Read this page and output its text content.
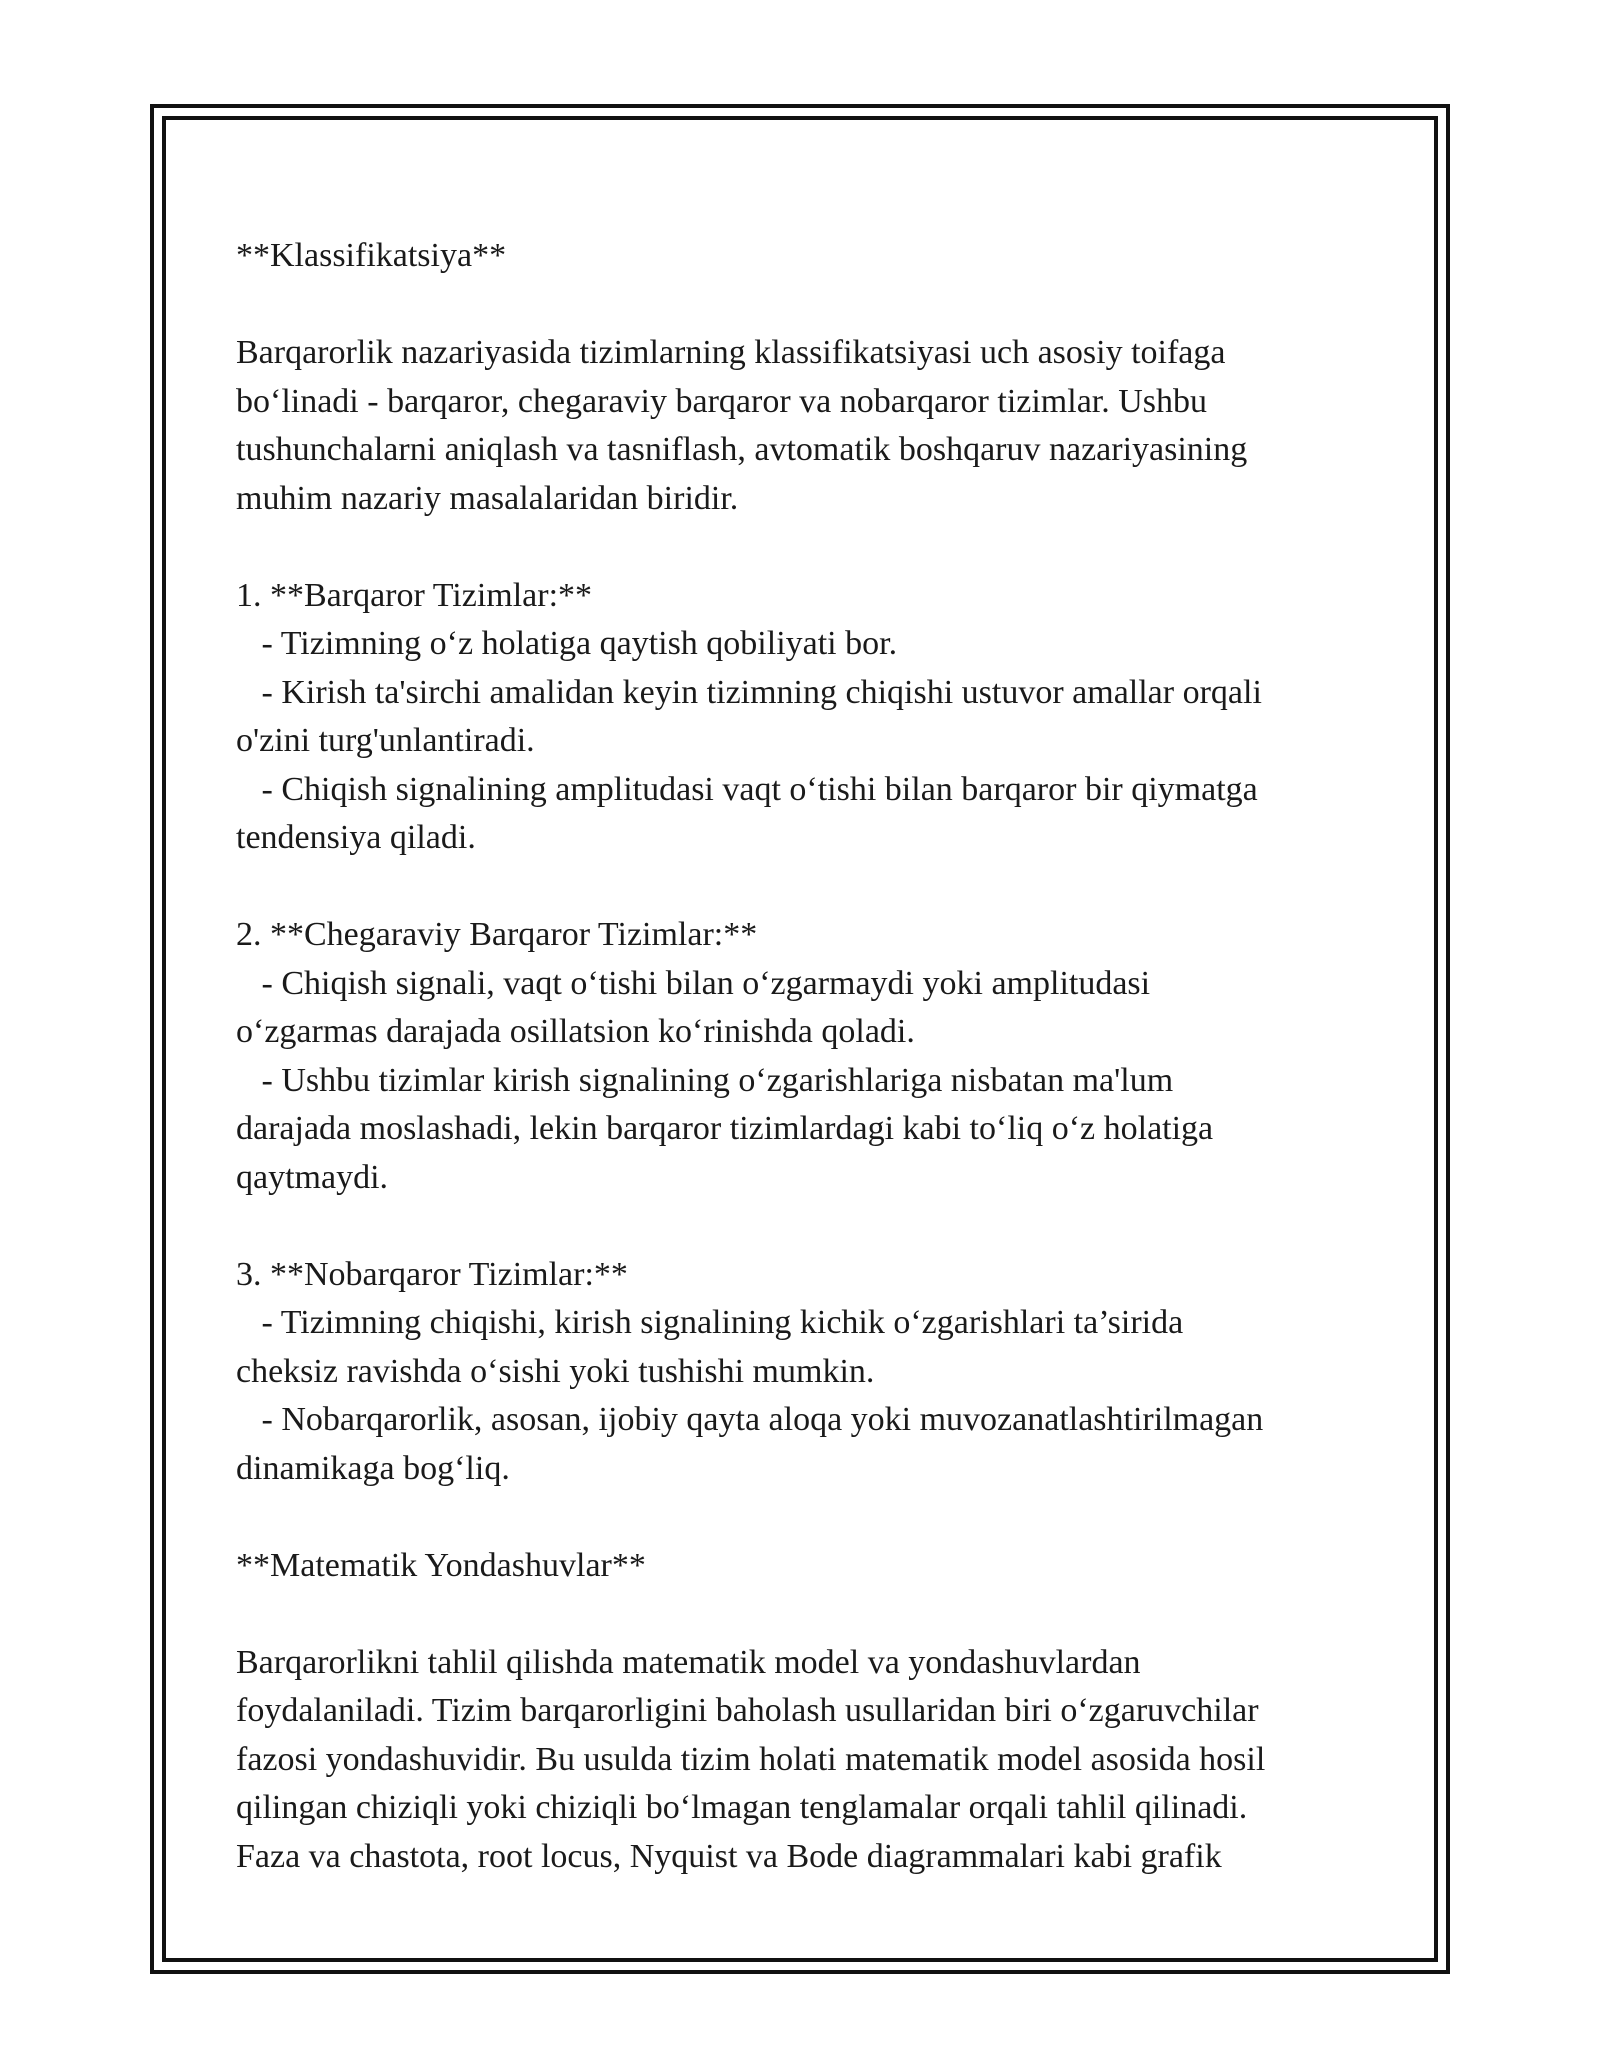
**Klassifikatsiya**

Barqarorlik nazariyasida tizimlarning klassifikatsiyasi uch asosiy toifaga

bo‘linadi - barqaror, chegaraviy barqaror va nobarqaror tizimlar. Ushbu

tushunchalarni aniqlash va tasniflash, avtomatik boshqaruv nazariyasining

muhim nazariy masalalaridan biridir.

1. **Barqaror Tizimlar:**

- Tizimning o‘z holatiga qaytish qobiliyati bor.

- Kirish ta'sirchi amalidan keyin tizimning chiqishi ustuvor amallar orqali

o'zini turg'unlantiradi.

- Chiqish signalining amplitudasi vaqt o‘tishi bilan barqaror bir qiymatga

tendensiya qiladi.

2. **Chegaraviy Barqaror Tizimlar:**

- Chiqish signali, vaqt o‘tishi bilan o‘zgarmaydi yoki amplitudasi

o‘zgarmas darajada osillatsion ko‘rinishda qoladi.

- Ushbu tizimlar kirish signalining o‘zgarishlariga nisbatan ma'lum

darajada moslashadi, lekin barqaror tizimlardagi kabi to‘liq o‘z holatiga

qaytmaydi.

3. **Nobarqaror Tizimlar:**

- Tizimning chiqishi, kirish signalining kichik o‘zgarishlari ta’sirida

cheksiz ravishda o‘sishi yoki tushishi mumkin.

- Nobarqarorlik, asosan, ijobiy qayta aloqa yoki muvozanatlashtirilmagan

dinamikaga bog‘liq.

**Matematik Yondashuvlar**

Barqarorlikni tahlil qilishda matematik model va yondashuvlardan

foydalaniladi. Tizim barqarorligini baholash usullaridan biri o‘zgaruvchilar

fazosi yondashuvidir. Bu usulda tizim holati matematik model asosida hosil

qilingan chiziqli yoki chiziqli bo‘lmagan tenglamalar orqali tahlil qilinadi.

Faza va chastota, root locus, Nyquist va Bode diagrammalari kabi grafik
